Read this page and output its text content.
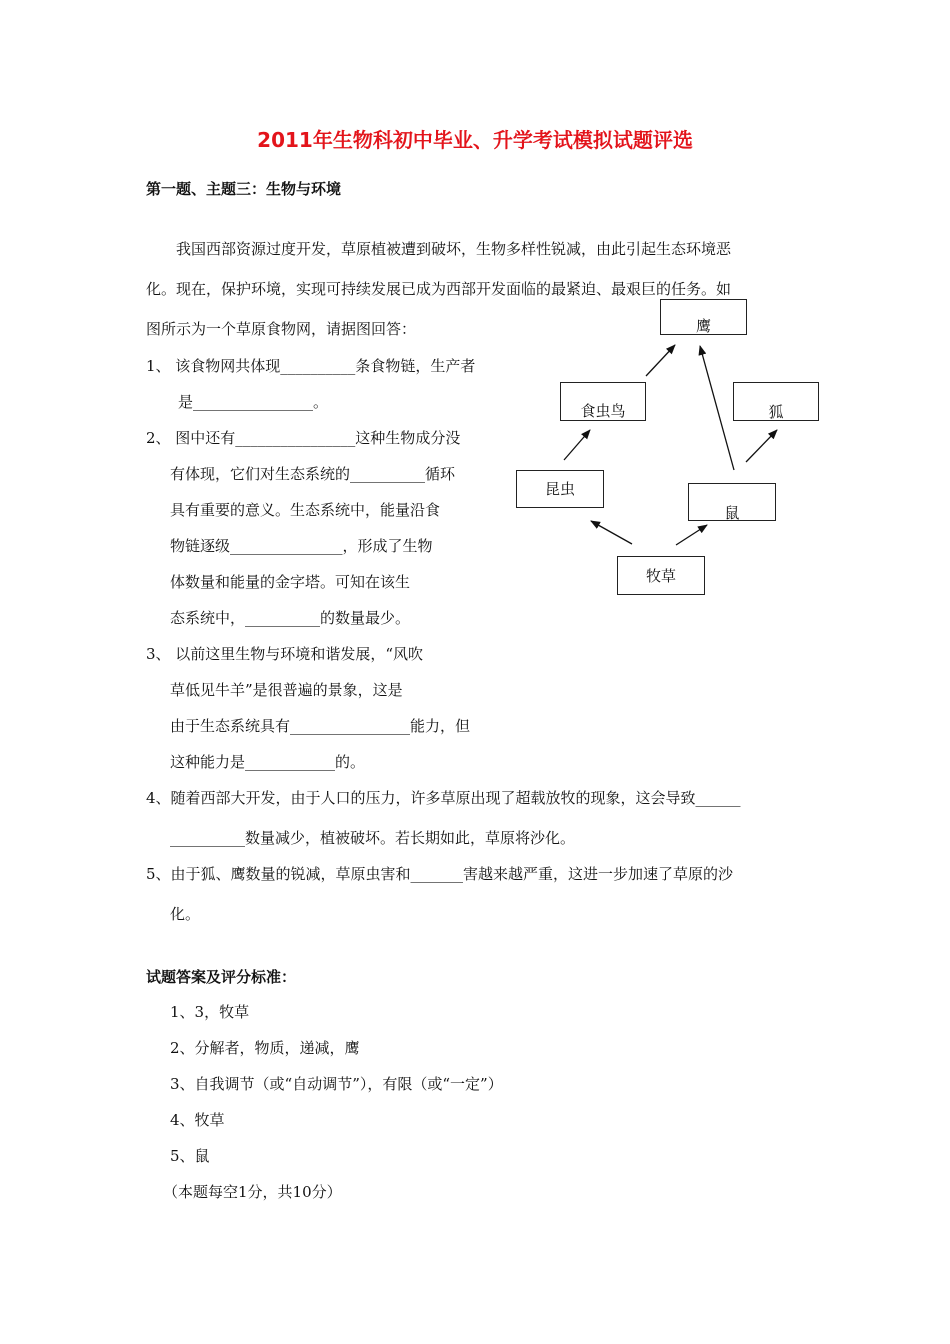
2011年生物科初中毕业、升学考试模拟试题评选
第一题、主题三：生物与环境
我国西部资源过度开发，草原植被遭到破坏，生物多样性锐减，由此引起生态环境恶
化。现在，保护环境，实现可持续发展已成为西部开发面临的最紧迫、最艰巨的任务。如
图所示为一个草原食物网，请据图回答：
1、 该食物网共体现__________条食物链，生产者
是________________。
2、 图中还有________________这种生物成分没
有体现，它们对生态系统的__________循环
具有重要的意义。生态系统中，能量沿食
物链逐级_______________，形成了生物
体数量和能量的金字塔。可知在该生
态系统中，__________的数量最少。
3、 以前这里生物与环境和谐发展，“风吹
草低见牛羊”是很普遍的景象，这是
由于生态系统具有________________能力，但
这种能力是____________的。
4、随着西部大开发，由于人口的压力，许多草原出现了超载放牧的现象，这会导致______
__________数量减少，植被破坏。若长期如此，草原将沙化。
5、由于狐、鹰数量的锐减，草原虫害和_______害越来越严重，这进一步加速了草原的沙
化。
鹰
食虫鸟	狐
昆虫
鼠
牧草
试题答案及评分标准：
1、3，牧草
2、分解者，物质，递减，鹰
3、自我调节（或“自动调节”），有限（或“一定”）
4、牧草
5、鼠
（本题每空1分，共10分）
